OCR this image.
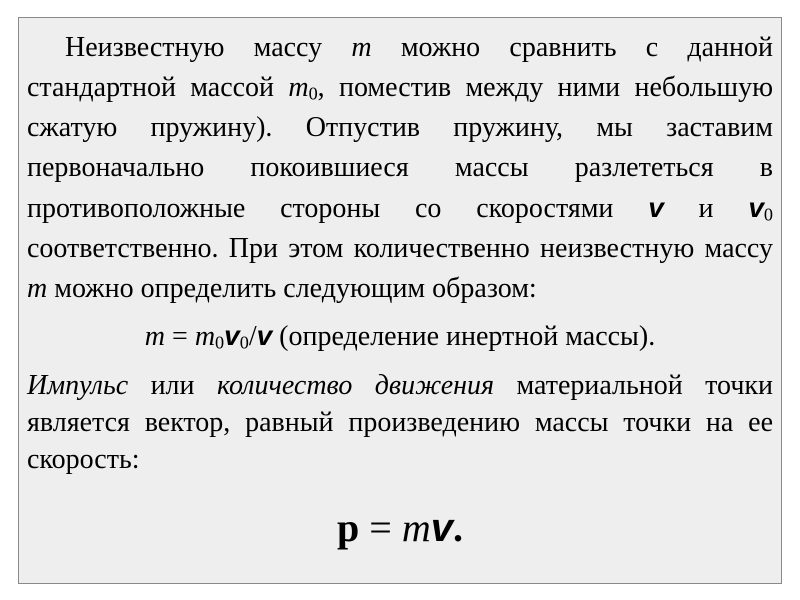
Неизвестную массу m можно сравнить с данной стандартной массой $m_0$, поместив между ними небольшую сжатую пружину). Отпустив пружину, мы заставим первоначально покоившиеся массы разлететься в противоположные стороны со скоростями v и $v_0$ соответственно. При этом количественно неизвестную массу m можно определить следующим образом:

$m = m_0v_0/v$ (определение инертной массы).

Импульс или количество движения материальной точки является вектор, равный произведению массы точки на ее скорость:

p = mv.
